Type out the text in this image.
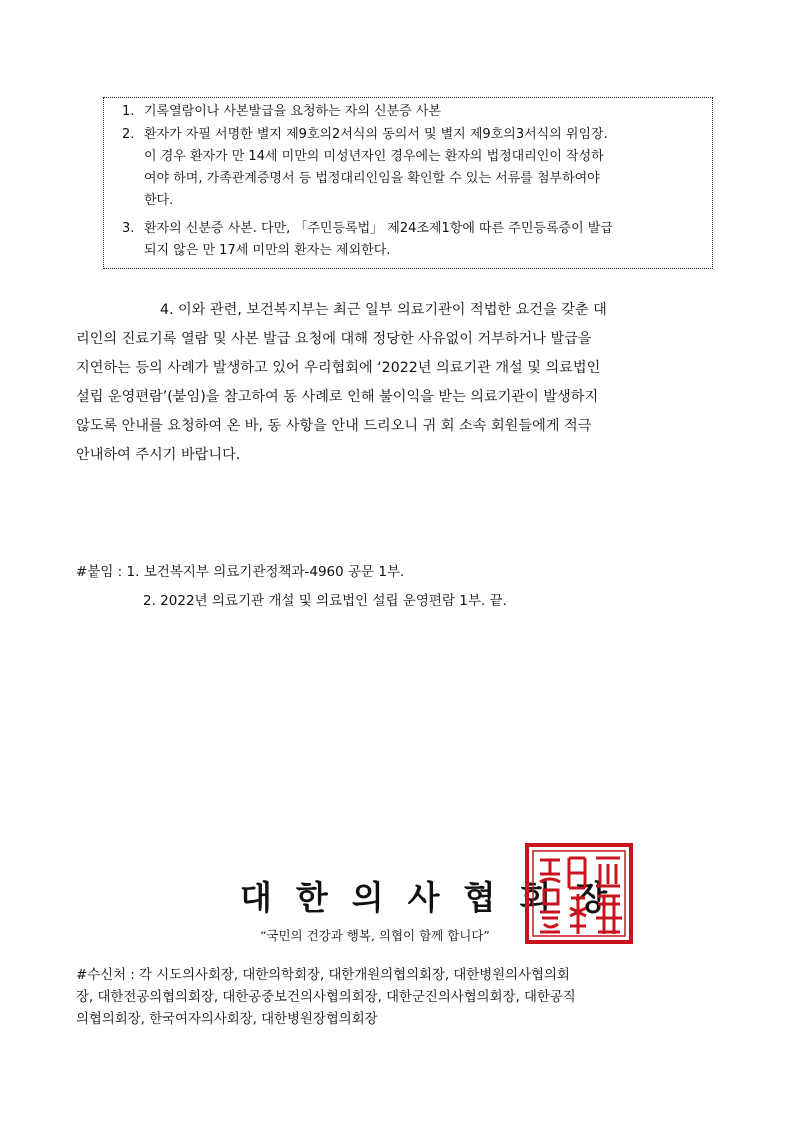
1. 기록열람이나 사본발급을 요청하는 자의 신분증 사본
2. 환자가 자필 서명한 별지 제9호의2서식의 동의서 및 별지 제9호의3서식의 위임장.
이 경우 환자가 만 14세 미만의 미성년자인 경우에는 환자의 법정대리인이 작성하
여야 하며, 가족관계증명서 등 법정대리인임을 확인할 수 있는 서류를 첨부하여야
한다.
3. 환자의 신분증 사본. 다만, 「주민등록법」 제24조제1항에 따른 주민등록증이 발급
되지 않은 만 17세 미만의 환자는 제외한다.
4. 이와 관련, 보건복지부는 최근 일부 의료기관이 적법한 요건을 갖춘 대
리인의 진료기록 열람 및 사본 발급 요청에 대해 정당한 사유없이 거부하거나 발급을
지연하는 등의 사례가 발생하고 있어 우리협회에 ‘2022년 의료기관 개설 및 의료법인
설립 운영편람’(붙임)을 참고하여 동 사례로 인해 불이익을 받는 의료기관이 발생하지
않도록 안내를 요청하여 온 바, 동 사항을 안내 드리오니 귀 회 소속 회원들에게 적극
안내하여 주시기 바랍니다.
#붙임 : 1. 보건복지부 의료기관정책과-4960 공문 1부.
2. 2022년 의료기관 개설 및 의료법인 설립 운영편람 1부. 끝.
대한의사협회장
“국민의 건강과 행복, 의협이 함께 합니다”
#수신처 : 각 시도의사회장, 대한의학회장, 대한개원의협의회장, 대한병원의사협의회
장, 대한전공의협의회장, 대한공중보건의사협의회장, 대한군진의사협의회장, 대한공직
의협의회장, 한국여자의사회장, 대한병원장협의회장
